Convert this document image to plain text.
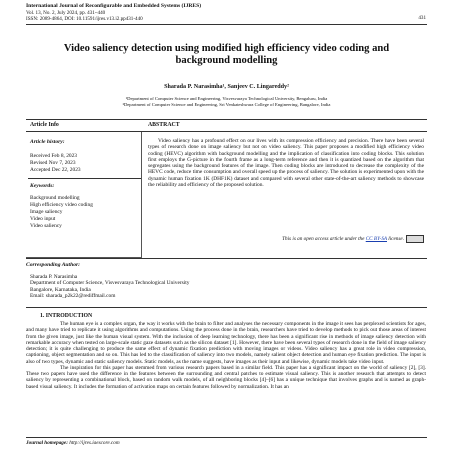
International Journal of Reconfigurable and Embedded Systems (IJRES)
Vol. 13, No. 2, July 2024, pp. 431~440
ISSN: 2089-4864, DOI: 10.11591/ijres.v13.i2.pp431-440	431
Video saliency detection using modified high efficiency video coding and background modelling
Sharada P. Narasimha¹, Sanjeev C. Lingareddy²
¹Department of Computer Science and Engineering, Visvesvaraya Technological University, Bengaluru, India
²Department of Computer Science and Engineering, Sri Venkateshwara College of Engineering, Bangalore, India
Article Info	ABSTRACT
Article history:
Received Feb 8, 2023
Revised Nov 7, 2023
Accepted Dec 22, 2023
Keywords:
Background modelling
High efficiency video coding
Image saliency
Video input
Video saliency
Video saliency has a profound effect on our lives with its compression efficiency and precision. There have been several types of research done on image saliency but not on video saliency. This paper proposes a modified high efficiency video coding (HEVC) algorithm with background modelling and the implication of classification into coding blocks. This solution first employs the G-picture in the fourth frame as a long-term reference and then it is quantized based on the algorithm that segregates using the background features of the image. Then coding blocks are introduced to decrease the complexity of the HEVC code, reduce time consumption and overall speed up the process of saliency. The solution is experimented upon with the dynamic human fixation 1K (DHF1K) dataset and compared with several other state-of-the-art saliency methods to showcase the reliability and efficiency of the proposed solution.
This is an open access article under the CC BY-SA license.
Corresponding Author:
Sharada P. Narasimha
Department of Computer Science, Visvesvaraya Technological University
Bangalore, Karnataka, India
Email: sharada_p2k22@rediffmail.com
1. INTRODUCTION

The human eye is a complex organ, the way it works with the brain to filter and analyses the necessary components in the image it sees has perplexed scientists for ages, and many have tried to replicate it using algorithms and computations. Using the process done in the brain, researchers have tried to develop methods to pick out those areas of interest from the given image, just like the human visual system. With the inclusion of deep learning technology, there has been a significant rise in methods of image saliency detection with remarkable accuracy when tested on large-scale static gaze datasets such as the silicon dataset [1]. However, there have been several types of research done in the field of image saliency detection; it is quite challenging to produce the same effect of dynamic fixation prediction with moving images or videos. Video saliency has a great role in video compression, captioning, object segmentation and so on. This has led to the classification of saliency into two models, namely salient object detection and human eye fixation prediction. The input is also of two types, dynamic and static saliency models. Static models, as the name suggests, have images as their input and likewise, dynamic models take video input.

The inspiration for this paper has stemmed from various research papers based in a similar field. This paper has a significant impact on the world of saliency [2], [3]. These two papers have used the difference in the features between the surrounding and central patches to estimate visual saliency. This is another research that attempts to detect saliency by representing a combinational block, based on random walk models, of all neighboring blocks [4]–[6] has a unique technique that involves graphs and is named as graph-based visual saliency. It includes the formation of activation maps on certain features followed by normalization. It has an

Journal homepage: http://ijres.iaescore.com
